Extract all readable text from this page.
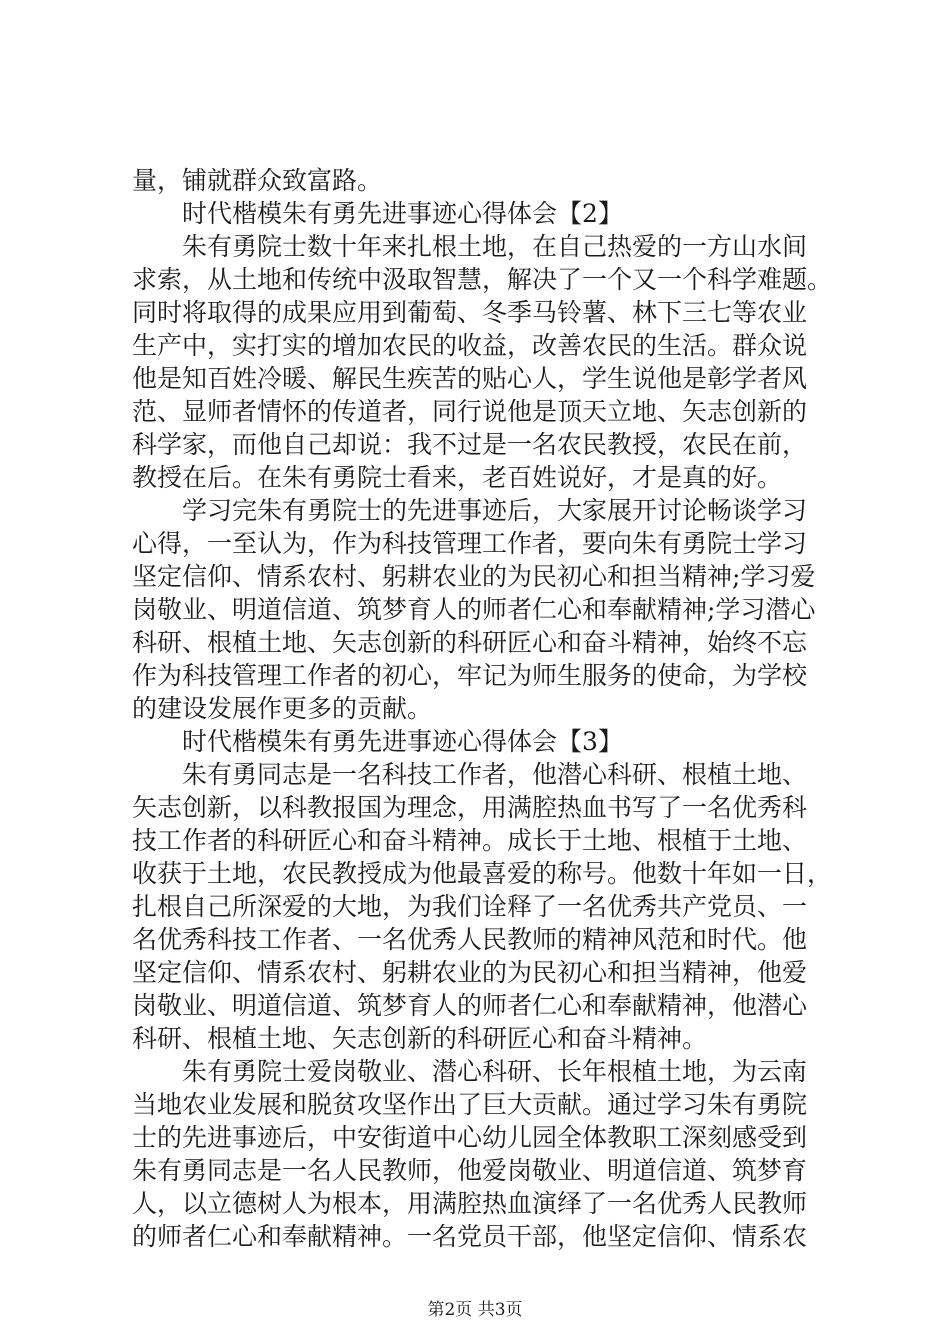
量，铺就群众致富路。
时代楷模朱有勇先进事迹心得体会【2】
朱有勇院士数十年来扎根土地，在自己热爱的一方山水间
求索，从土地和传统中汲取智慧，解决了一个又一个科学难题。
同时将取得的成果应用到葡萄、冬季马铃薯、林下三七等农业
生产中，实打实的增加农民的收益，改善农民的生活。群众说
他是知百姓冷暖、解民生疾苦的贴心人，学生说他是彰学者风
范、显师者情怀的传道者，同行说他是顶天立地、矢志创新的
科学家，而他自己却说：我不过是一名农民教授，农民在前，
教授在后。在朱有勇院士看来，老百姓说好，才是真的好。
学习完朱有勇院士的先进事迹后，大家展开讨论畅谈学习
心得，一至认为，作为科技管理工作者，要向朱有勇院士学习
坚定信仰、情系农村、躬耕农业的为民初心和担当精神;学习爱
岗敬业、明道信道、筑梦育人的师者仁心和奉献精神;学习潜心
科研、根植土地、矢志创新的科研匠心和奋斗精神，始终不忘
作为科技管理工作者的初心，牢记为师生服务的使命，为学校
的建设发展作更多的贡献。
时代楷模朱有勇先进事迹心得体会【3】
朱有勇同志是一名科技工作者，他潜心科研、根植土地、
矢志创新，以科教报国为理念，用满腔热血书写了一名优秀科
技工作者的科研匠心和奋斗精神。成长于土地、根植于土地、
收获于土地，农民教授成为他最喜爱的称号。他数十年如一日，
扎根自己所深爱的大地，为我们诠释了一名优秀共产党员、一
名优秀科技工作者、一名优秀人民教师的精神风范和时代。他
坚定信仰、情系农村、躬耕农业的为民初心和担当精神，他爱
岗敬业、明道信道、筑梦育人的师者仁心和奉献精神，他潜心
科研、根植土地、矢志创新的科研匠心和奋斗精神。
朱有勇院士爱岗敬业、潜心科研、长年根植土地，为云南
当地农业发展和脱贫攻坚作出了巨大贡献。通过学习朱有勇院
士的先进事迹后，中安街道中心幼儿园全体教职工深刻感受到
朱有勇同志是一名人民教师，他爱岗敬业、明道信道、筑梦育
人，以立德树人为根本，用满腔热血演绎了一名优秀人民教师
的师者仁心和奉献精神。一名党员干部，他坚定信仰、情系农
第2页 共3页
